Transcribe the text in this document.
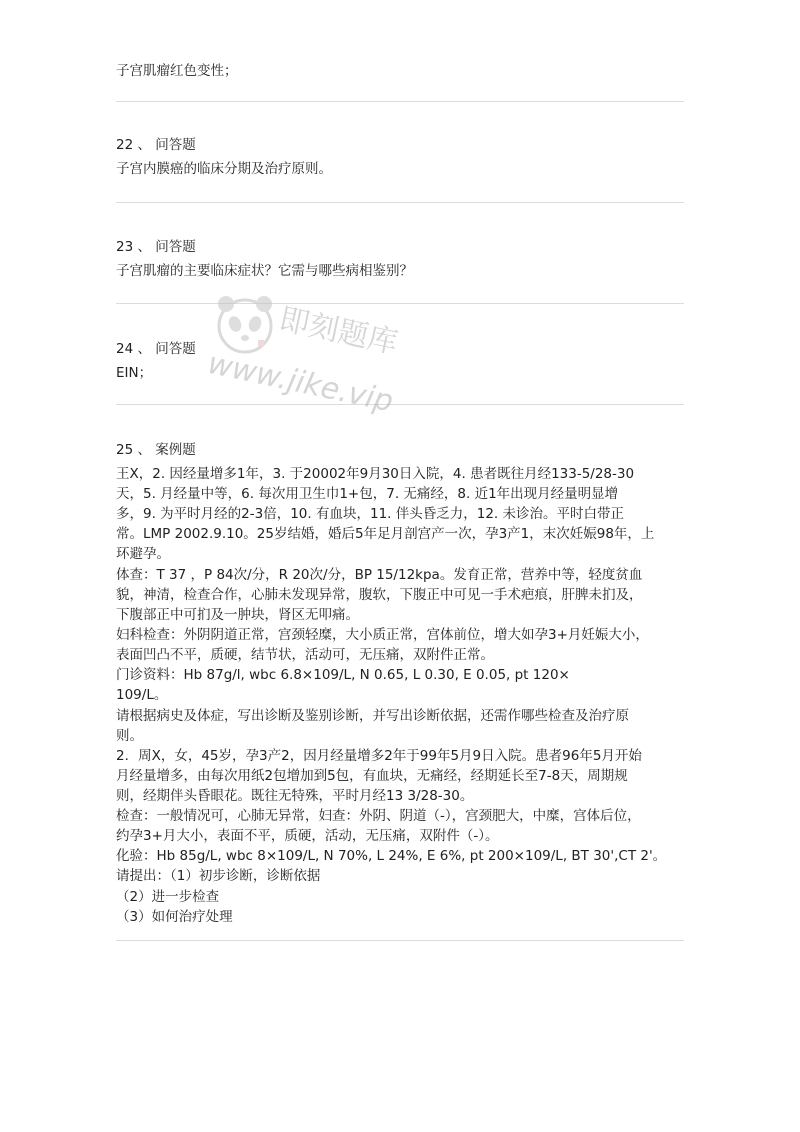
子宫肌瘤红色变性；
22 、 问答题
子宫内膜癌的临床分期及治疗原则。
23 、 问答题
子宫肌瘤的主要临床症状？它需与哪些病相鉴别？
24 、 问答题
EIN；
25 、 案例题
王X，2. 因经量增多1年，3. 于20002年9月30日入院，4. 患者既往月经133-5/28-30
天，5. 月经量中等，6. 每次用卫生巾1+包，7. 无痛经，8. 近1年出现月经量明显增
多，9. 为平时月经的2-3倍，10. 有血块，11. 伴头昏乏力，12. 未诊治。平时白带正
常。LMP 2002.9.10。25岁结婚，婚后5年足月剖宫产一次，孕3产1，末次妊娠98年，上
环避孕。
体查：T 37 ，P 84次/分，R 20次/分，BP 15/12kpa。发育正常，营养中等，轻度贫血
貌，神清，检查合作，心肺未发现异常，腹软，下腹正中可见一手术疤痕，肝脾未扪及，
下腹部正中可扪及一肿块，肾区无叩痛。
妇科检查：外阴阴道正常，宫颈轻糜，大小质正常，宫体前位，增大如孕3+月妊娠大小，
表面凹凸不平，质硬，结节状，活动可，无压痛，双附件正常。
门诊资料：Hb 87g/l, wbc 6.8×109/L, N 0.65, L 0.30, E 0.05, pt 120×
109/L。
请根据病史及体症，写出诊断及鉴别诊断，并写出诊断依据，还需作哪些检查及治疗原
则。
2．周X，女，45岁，孕3产2，因月经量增多2年于99年5月9日入院。患者96年5月开始
月经量增多，由每次用纸2包增加到5包，有血块，无痛经，经期延长至7-8天，周期规
则，经期伴头昏眼花。既往无特殊，平时月经13 3/28-30。
检查：一般情况可，心肺无异常，妇查：外阴、阴道（-），宫颈肥大，中糜，宫体后位，
约孕3+月大小，表面不平，质硬，活动，无压痛，双附件（-）。
化验：Hb 85g/L, wbc 8×109/L, N 70%, L 24%, E 6%, pt 200×109/L, BT 30',CT 2'。
请提出：（1）初步诊断，诊断依据
（2）进一步检查
（3）如何治疗处理
即刻题库
www.jike.vip
